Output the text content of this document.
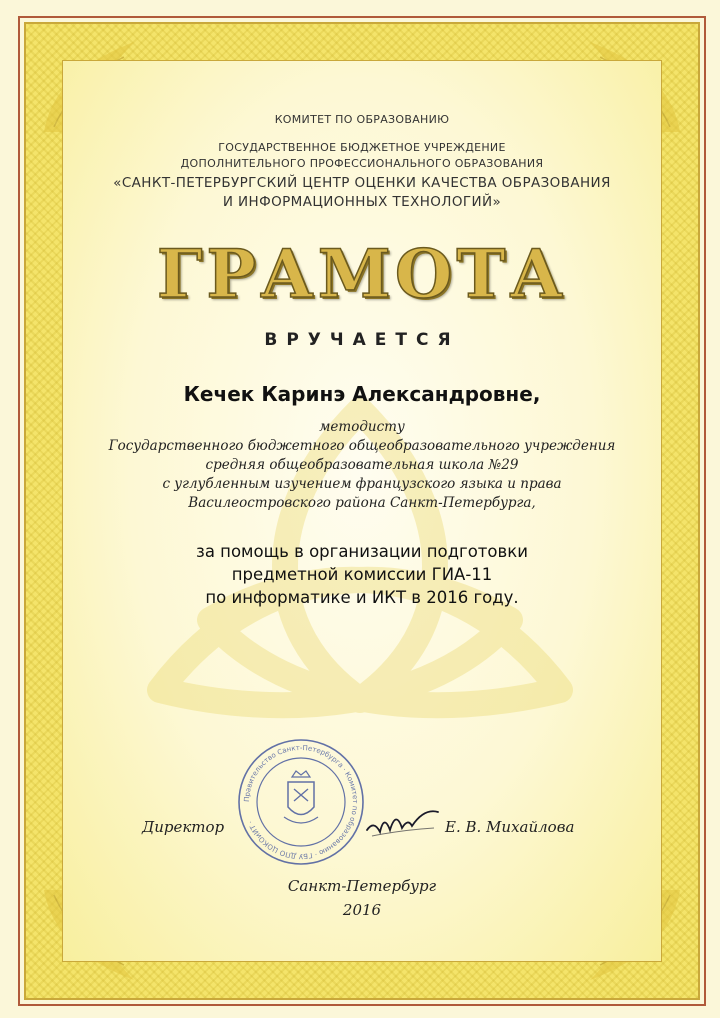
КОМИТЕТ ПО ОБРАЗОВАНИЮ
ГОСУДАРСТВЕННОЕ БЮДЖЕТНОЕ УЧРЕЖДЕНИЕ
ДОПОЛНИТЕЛЬНОГО ПРОФЕССИОНАЛЬНОГО ОБРАЗОВАНИЯ
«САНКТ-ПЕТЕРБУРГСКИЙ ЦЕНТР ОЦЕНКИ КАЧЕСТВА ОБРАЗОВАНИЯ
И ИНФОРМАЦИОННЫХ ТЕХНОЛОГИЙ»
ГРАМОТА
ВРУЧАЕТСЯ
Кечек Каринэ Александровне,
методисту
Государственного бюджетного общеобразовательного учреждения
средняя общеобразовательная школа №29
с углубленным изучением французского языка и права
Василеостровского района Санкт-Петербурга,
за помощь в организации подготовки
предметной комиссии ГИА-11
по информатике и ИКТ в 2016 году.
Директор
Правительство Санкт-Петербурга · Комитет по образованию · ГБУ ДПО ЦОКОиИТ ·	Е. В. Михайлова
Санкт-Петербург
2016
